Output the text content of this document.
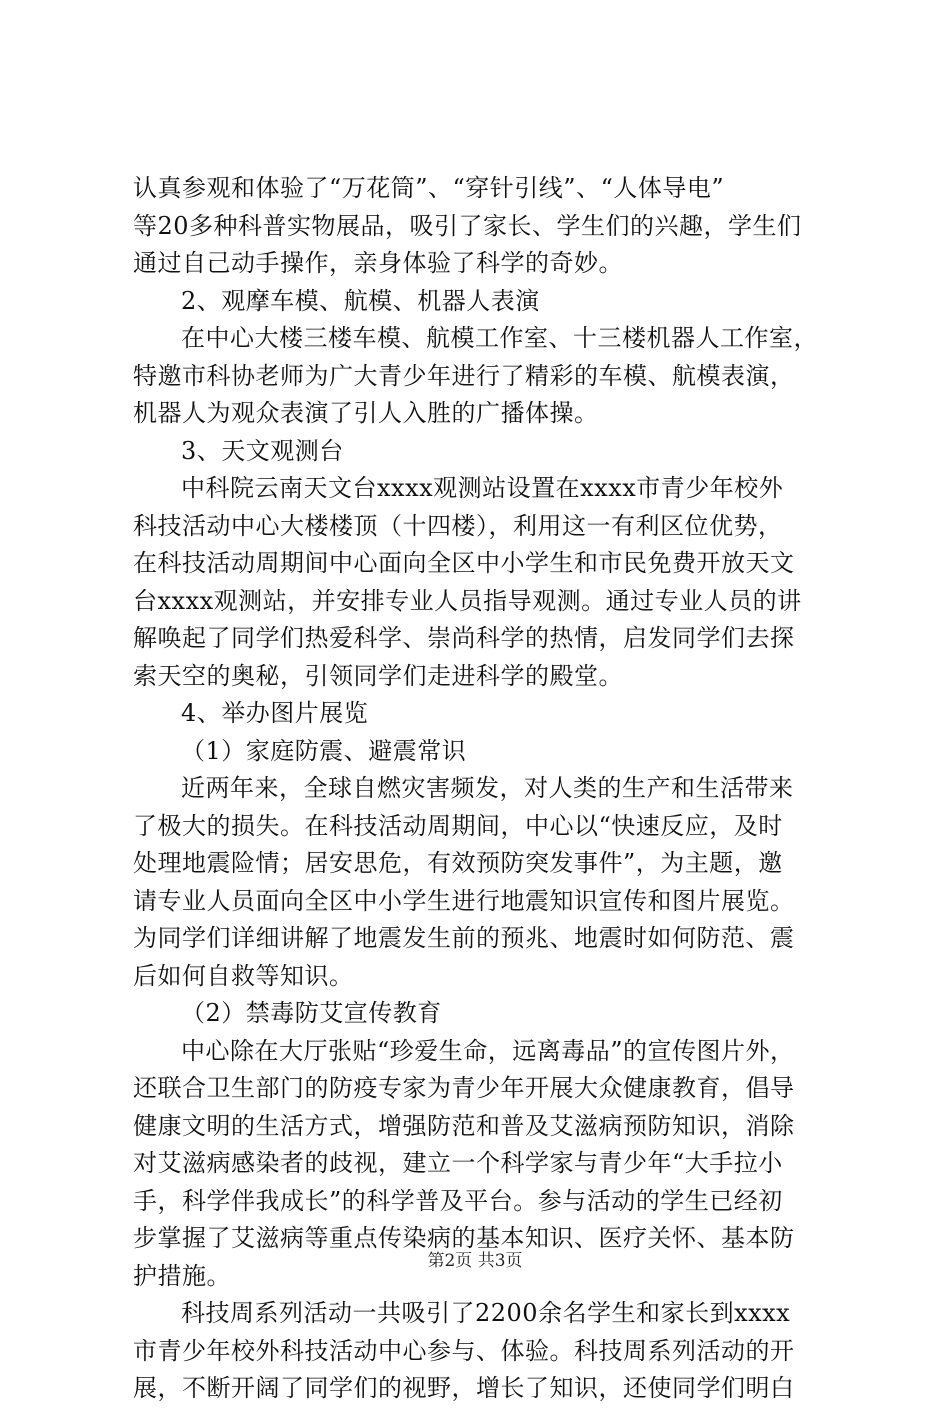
认真参观和体验了“万花筒”、“穿针引线”、“人体导电”
等20多种科普实物展品，吸引了家长、学生们的兴趣，学生们
通过自己动手操作，亲身体验了科学的奇妙。
2、观摩车模、航模、机器人表演
在中心大楼三楼车模、航模工作室、十三楼机器人工作室，
特邀市科协老师为广大青少年进行了精彩的车模、航模表演，
机器人为观众表演了引人入胜的广播体操。
3、天文观测台
中科院云南天文台xxxx观测站设置在xxxx市青少年校外
科技活动中心大楼楼顶（十四楼），利用这一有利区位优势，
在科技活动周期间中心面向全区中小学生和市民免费开放天文
台xxxx观测站，并安排专业人员指导观测。通过专业人员的讲
解唤起了同学们热爱科学、崇尚科学的热情，启发同学们去探
索天空的奥秘，引领同学们走进科学的殿堂。
4、举办图片展览
（1）家庭防震、避震常识
近两年来，全球自燃灾害频发，对人类的生产和生活带来
了极大的损失。在科技活动周期间，中心以“快速反应，及时
处理地震险情；居安思危，有效预防突发事件”，为主题，邀
请专业人员面向全区中小学生进行地震知识宣传和图片展览。
为同学们详细讲解了地震发生前的预兆、地震时如何防范、震
后如何自救等知识。
（2）禁毒防艾宣传教育
中心除在大厅张贴“珍爱生命，远离毒品”的宣传图片外，
还联合卫生部门的防疫专家为青少年开展大众健康教育，倡导
健康文明的生活方式，增强防范和普及艾滋病预防知识，消除
对艾滋病感染者的歧视，建立一个科学家与青少年“大手拉小
手，科学伴我成长”的科学普及平台。参与活动的学生已经初
步掌握了艾滋病等重点传染病的基本知识、医疗关怀、基本防
护措施。
科技周系列活动一共吸引了2200余名学生和家长到xxxx
市青少年校外科技活动中心参与、体验。科技周系列活动的开
展，不断开阔了同学们的视野，增长了知识，还使同学们明白
第2页 共3页
